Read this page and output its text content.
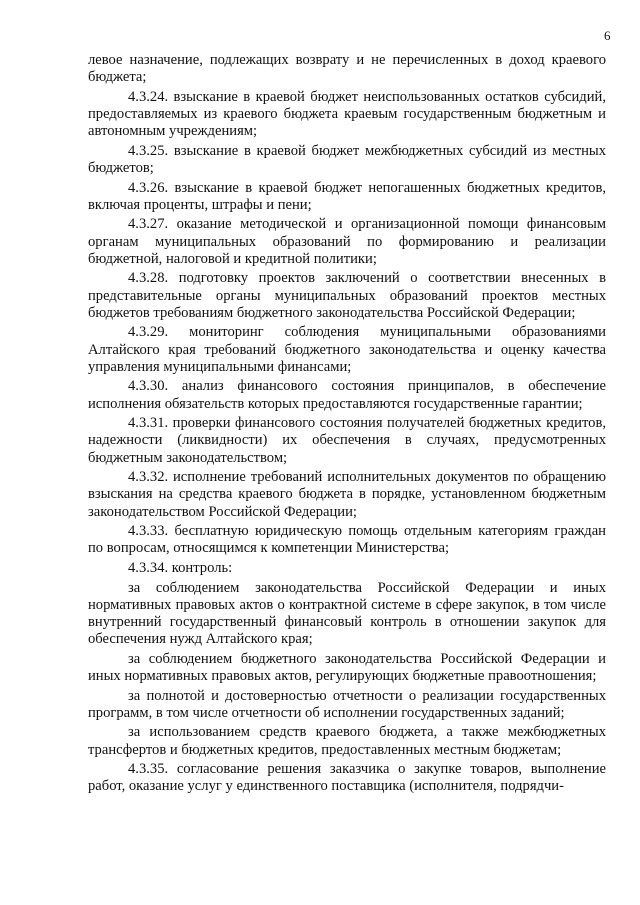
6

левое назначение, подлежащих возврату и не перечисленных в доход краевого бюджета;

4.3.24. взыскание в краевой бюджет неиспользованных остатков субсидий, предоставляемых из краевого бюджета краевым государственным бюджетным и автономным учреждениям;

4.3.25. взыскание в краевой бюджет межбюджетных субсидий из местных бюджетов;

4.3.26. взыскание в краевой бюджет непогашенных бюджетных кредитов, включая проценты, штрафы и пени;

4.3.27. оказание методической и организационной помощи финансовым органам муниципальных образований по формированию и реализации бюджетной, налоговой и кредитной политики;

4.3.28. подготовку проектов заключений о соответствии внесенных в представительные органы муниципальных образований проектов местных бюджетов требованиям бюджетного законодательства Российской Федерации;

4.3.29. мониторинг соблюдения муниципальными образованиями Алтайского края требований бюджетного законодательства и оценку качества управления муниципальными финансами;

4.3.30. анализ финансового состояния принципалов, в обеспечение исполнения обязательств которых предоставляются государственные гарантии;

4.3.31. проверки финансового состояния получателей бюджетных кредитов, надежности (ликвидности) их обеспечения в случаях, предусмотренных бюджетным законодательством;

4.3.32. исполнение требований исполнительных документов по обращению взыскания на средства краевого бюджета в порядке, установленном бюджетным законодательством Российской Федерации;

4.3.33. бесплатную юридическую помощь отдельным категориям граждан по вопросам, относящимся к компетенции Министерства;

4.3.34. контроль:

за соблюдением законодательства Российской Федерации и иных нормативных правовых актов о контрактной системе в сфере закупок, в том числе внутренний государственный финансовый контроль в отношении закупок для обеспечения нужд Алтайского края;

за соблюдением бюджетного законодательства Российской Федерации и иных нормативных правовых актов, регулирующих бюджетные правоотношения;

за полнотой и достоверностью отчетности о реализации государственных программ, в том числе отчетности об исполнении государственных заданий;

за использованием средств краевого бюджета, а также межбюджетных трансфертов и бюджетных кредитов, предоставленных местным бюджетам;

4.3.35. согласование решения заказчика о закупке товаров, выполнение работ, оказание услуг у единственного поставщика (исполнителя, подрядчи-
